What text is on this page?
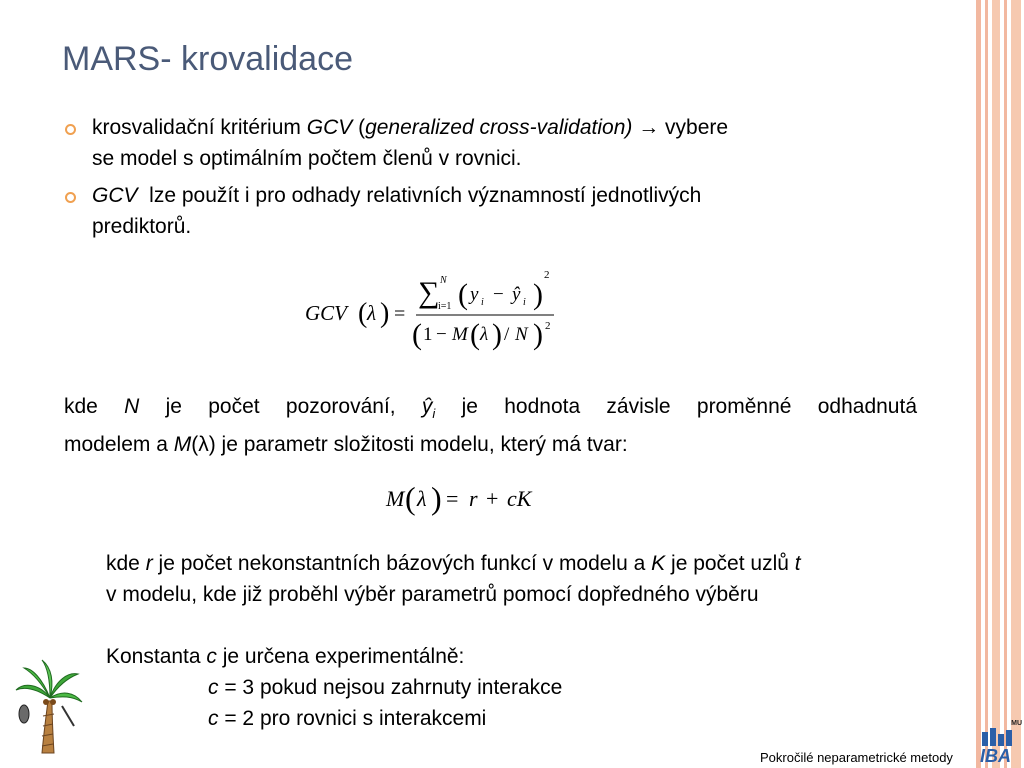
MARS- krovalidace
krosvalidační kritérium GCV (generalized cross-validation) → vybere
se model s optimálním počtem členů v rovnici.
GCV  lze použít i pro odhady relativních významností jednotlivých
prediktorů.
GCV ( λ ) =
∑ N
i=1 ( y i − ŷ i )
2
( 1 − M ( λ ) / N ) 2
kde N je počet pozorování, $ŷ_i$ je hodnota závisle proměnné odhadnutá
modelem a M(λ) je parametr složitosti modelu, který má tvar:
M ( λ ) = r + cK
kde r je počet nekonstantních bázových funkcí v modelu a K je počet uzlů t
v modelu, kde již proběhl výběr parametrů pomocí dopředného výběru
Konstanta c je určena experimentálně:
c = 3 pokud nejsou zahrnuty interakce
c = 2 pro rovnici s interakcemi
Pokročilé neparametrické metody
MU
IBA
